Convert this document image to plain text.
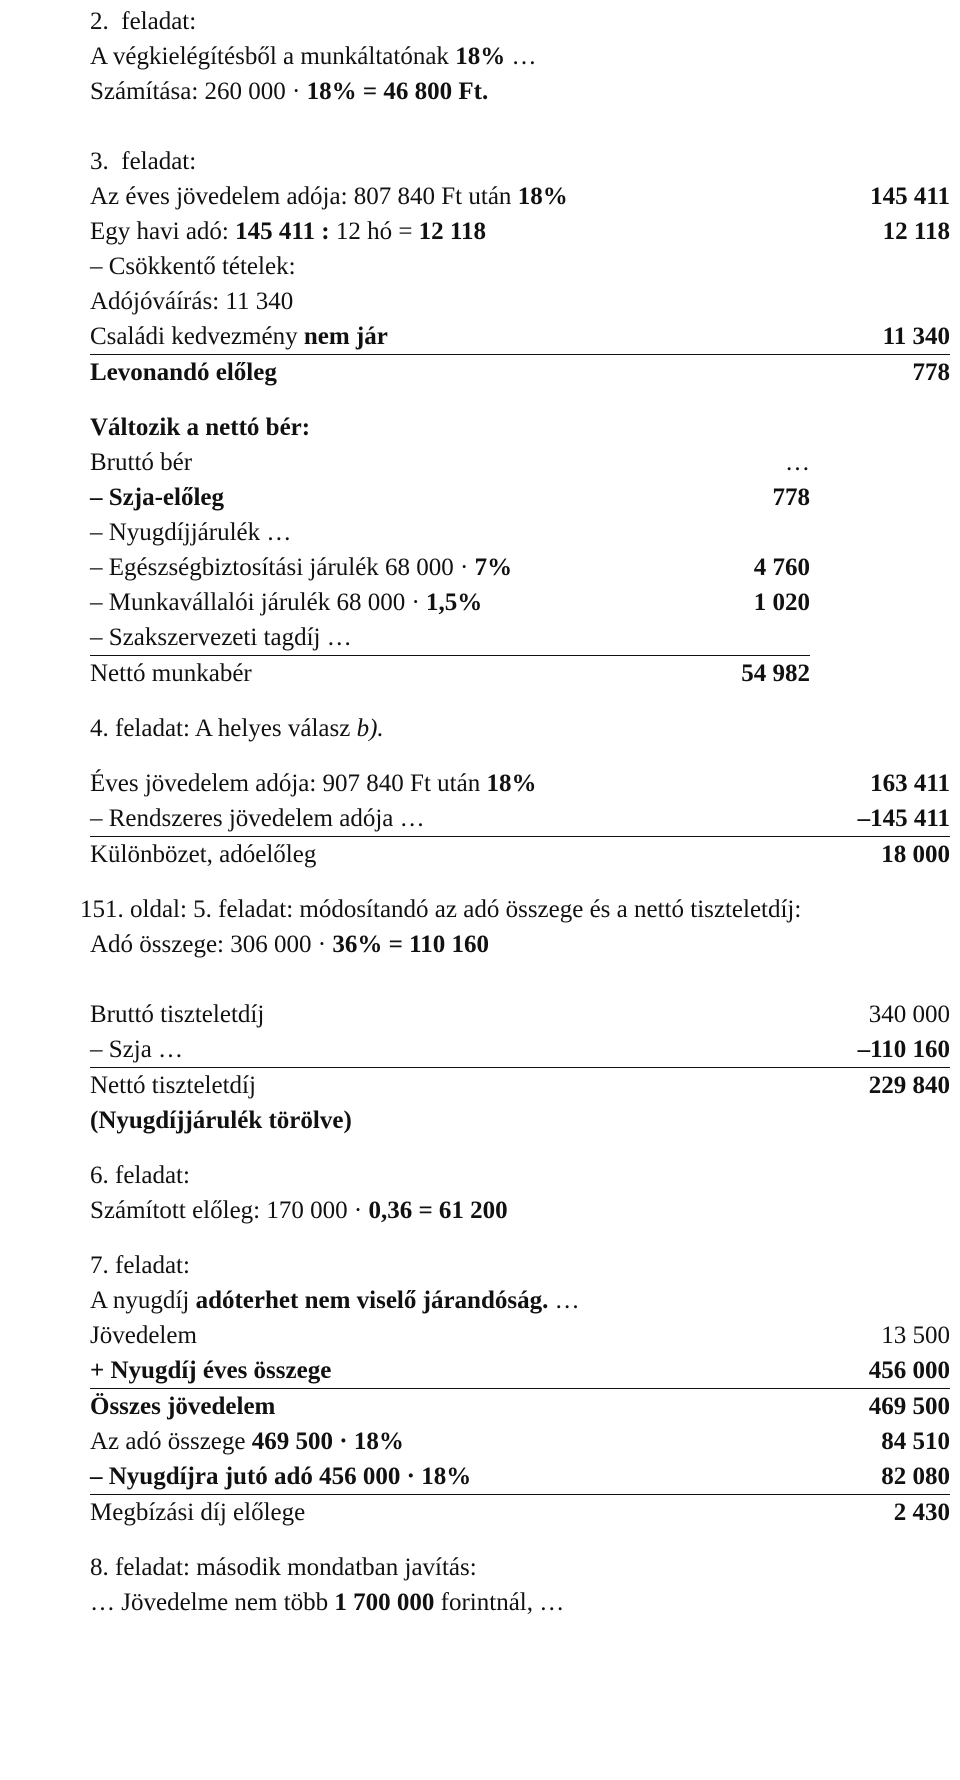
2.  feladat:
A végkielégítésből a munkáltatónak 18% …
Számítása: 260 000 · 18% = 46 800 Ft.
3.  feladat:
Az éves jövedelem adója: 807 840 Ft után 18%	145 411
Egy havi adó: 145 411 : 12 hó = 12 118	12 118
– Csökkentő tételek:
Adójóváírás: 11 340
Családi kedvezmény nem jár	11 340
Levonandó előleg	778
Változik a nettó bér:
Bruttó bér	…
– Szja-előleg	778
– Nyugdíjjárulék …
– Egészségbiztosítási járulék 68 000 · 7%	4 760
– Munkavállalói járulék 68 000 · 1,5%	1 020
– Szakszervezeti tagdíj …
Nettó munkabér	54 982
4. feladat: A helyes válasz b).
Éves jövedelem adója: 907 840 Ft után 18%	163 411
– Rendszeres jövedelem adója …	–145 411
Különbözet, adóelőleg	18 000
151. oldal: 5. feladat: módosítandó az adó összege és a nettó tiszteletdíj:
Adó összege: 306 000 · 36% = 110 160
Bruttó tiszteletdíj	340 000
– Szja …	–110 160
Nettó tiszteletdíj	229 840
(Nyugdíjjárulék törölve)
6. feladat:
Számított előleg: 170 000 · 0,36 = 61 200
7. feladat:
A nyugdíj adóterhet nem viselő járandóság. …
Jövedelem	13 500
+ Nyugdíj éves összege	456 000
Összes jövedelem	469 500
Az adó összege 469 500 · 18%	84 510
– Nyugdíjra jutó adó 456 000 · 18%	82 080
Megbízási díj előlege	2 430
8. feladat: második mondatban javítás:
… Jövedelme nem több 1 700 000 forintnál, …
